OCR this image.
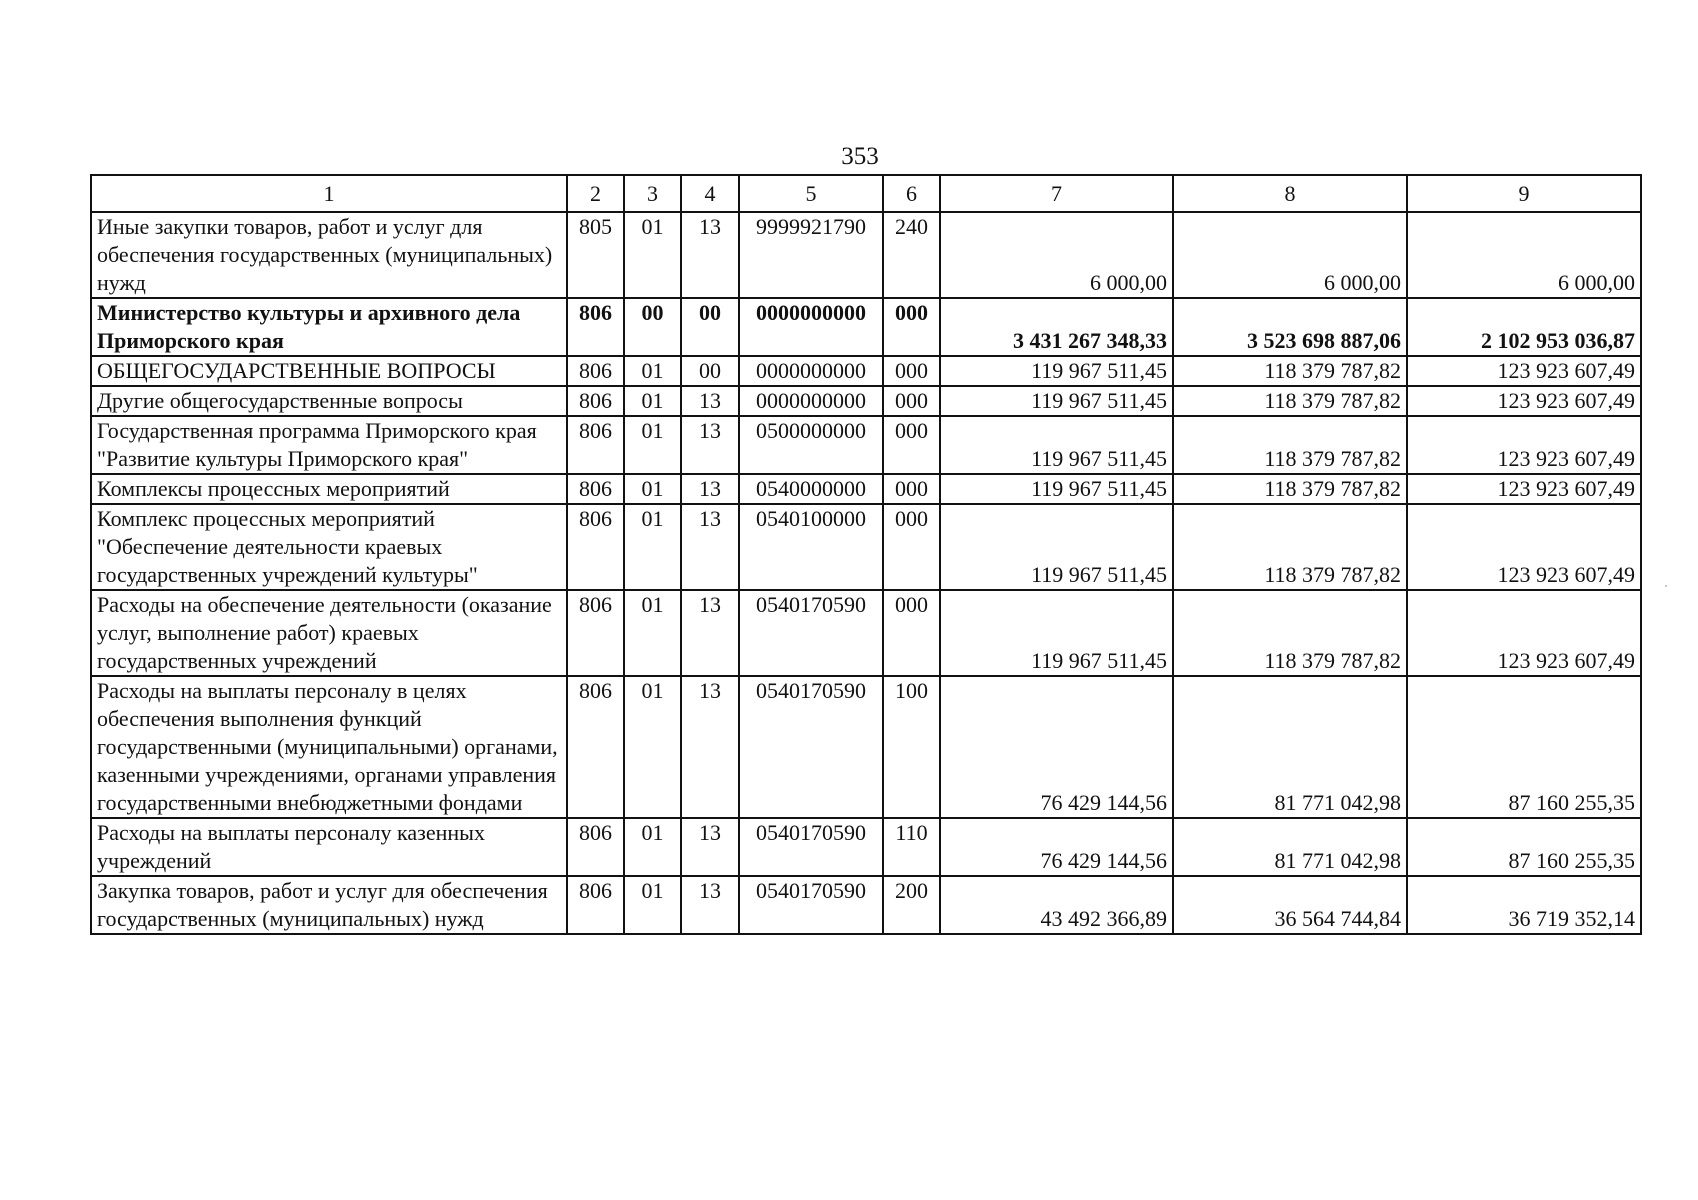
353
1	2	3	4	5	6	7	8	9
Иные закупки товаров, работ и услуг для обеспечения государственных (муниципальных) нужд	805	01	13	9999921790	240	6 000,00	6 000,00	6 000,00
Министерство культуры и архивного дела Приморского края	806	00	00	0000000000	000	3 431 267 348,33	3 523 698 887,06	2 102 953 036,87
ОБЩЕГОСУДАРСТВЕННЫЕ ВОПРОСЫ	806	01	00	0000000000	000	119 967 511,45	118 379 787,82	123 923 607,49
Другие общегосударственные вопросы	806	01	13	0000000000	000	119 967 511,45	118 379 787,82	123 923 607,49
Государственная программа Приморского края "Развитие культуры Приморского края"	806	01	13	0500000000	000	119 967 511,45	118 379 787,82	123 923 607,49
Комплексы процессных мероприятий	806	01	13	0540000000	000	119 967 511,45	118 379 787,82	123 923 607,49
Комплекс процессных мероприятий "Обеспечение деятельности краевых государственных учреждений культуры"	806	01	13	0540100000	000	119 967 511,45	118 379 787,82	123 923 607,49
Расходы на обеспечение деятельности (оказание услуг, выполнение работ) краевых государственных учреждений	806	01	13	0540170590	000	119 967 511,45	118 379 787,82	123 923 607,49
Расходы на выплаты персоналу в целях обеспечения выполнения функций государственными (муниципальными) органами, казенными учреждениями, органами управления государственными внебюджетными фондами	806	01	13	0540170590	100	76 429 144,56	81 771 042,98	87 160 255,35
Расходы на выплаты персоналу казенных учреждений	806	01	13	0540170590	110	76 429 144,56	81 771 042,98	87 160 255,35
Закупка товаров, работ и услуг для обеспечения государственных (муниципальных) нужд	806	01	13	0540170590	200	43 492 366,89	36 564 744,84	36 719 352,14
